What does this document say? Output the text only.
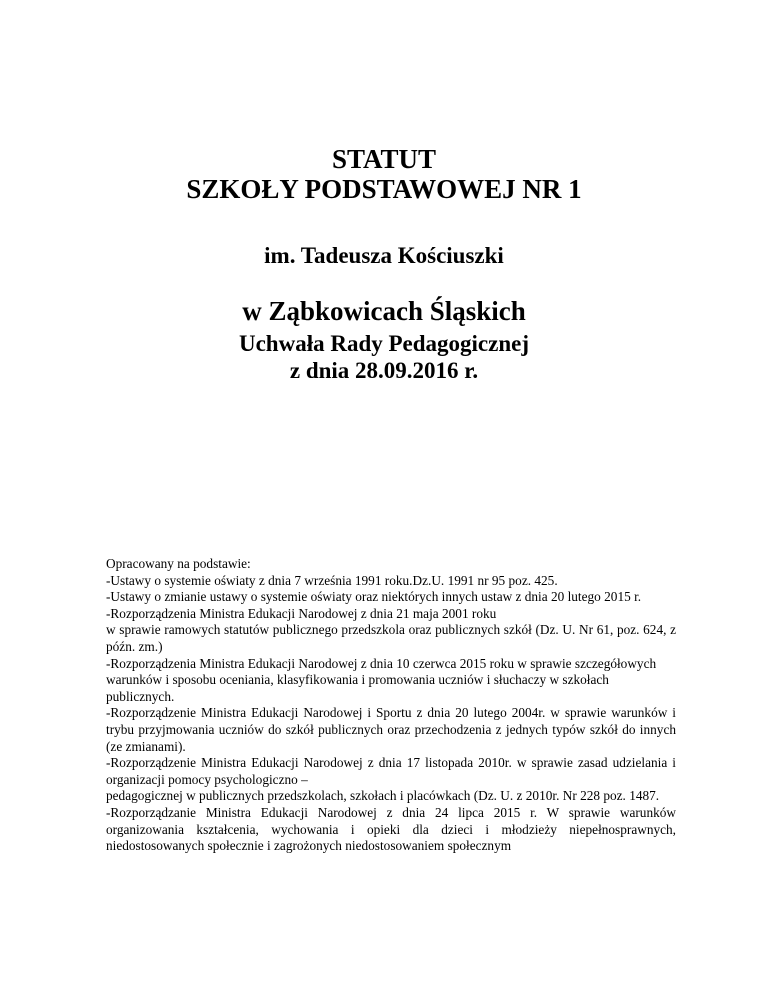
STATUT
SZKOŁY PODSTAWOWEJ NR 1
im. Tadeusza Kościuszki
w Ząbkowicach Śląskich
Uchwała Rady Pedagogicznej
z dnia 28.09.2016 r.

Opracowany na podstawie:

-Ustawy o systemie oświaty z dnia 7 września 1991 roku.Dz.U. 1991 nr 95 poz. 425.

-Ustawy o zmianie ustawy o systemie oświaty oraz niektórych innych ustaw z dnia 20 lutego 2015 r.

-Rozporządzenia Ministra Edukacji Narodowej z dnia 21 maja 2001 roku

w sprawie ramowych statutów publicznego przedszkola oraz publicznych szkół (Dz. U. Nr 61, poz. 624, z późn. zm.)

-Rozporządzenia Ministra Edukacji Narodowej z dnia 10 czerwca 2015 roku w sprawie szczegółowych warunków i sposobu oceniania, klasyfikowania i promowania uczniów i słuchaczy w szkołach publicznych.

-Rozporządzenie Ministra Edukacji Narodowej i Sportu z dnia 20 lutego 2004r. w sprawie warunków i trybu przyjmowania uczniów do szkół publicznych oraz przechodzenia z jednych typów szkół do innych (ze zmianami).

-Rozporządzenie Ministra Edukacji Narodowej z dnia 17 listopada 2010r. w sprawie zasad udzielania i organizacji pomocy psychologiczno –

pedagogicznej w publicznych przedszkolach, szkołach i placówkach (Dz. U. z 2010r. Nr 228 poz. 1487.

-Rozporządzanie Ministra Edukacji Narodowej z dnia 24 lipca 2015 r. W sprawie warunków organizowania kształcenia, wychowania i opieki dla dzieci i młodzieży niepełnosprawnych, niedostosowanych społecznie i zagrożonych niedostosowaniem społecznym
